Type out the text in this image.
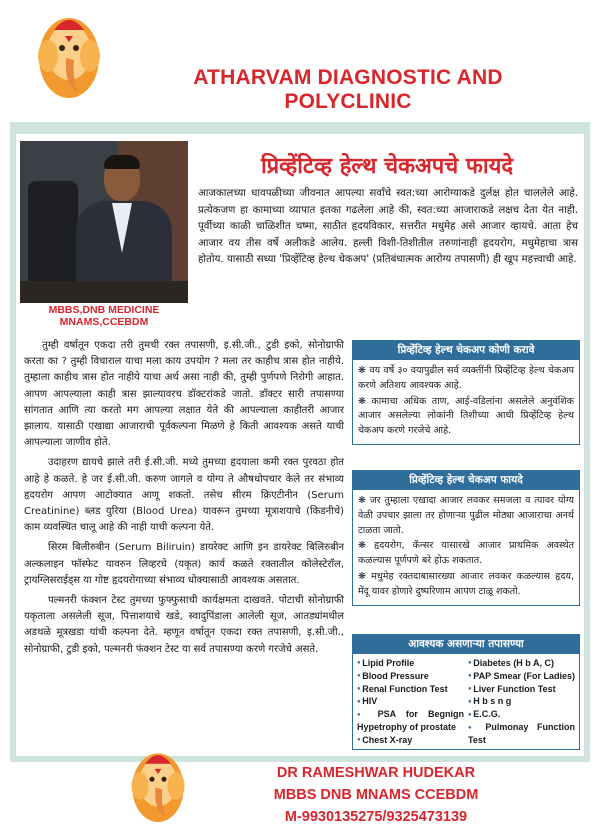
ATHARVAM DIAGNOSTIC AND POLYCLINIC
MBBS,DNB MEDICINE
MNAMS,CCEBDM
प्रिव्हेंटिव्ह हेल्थ चेकअपचे फायदे
आजकालच्या धावपळीच्या जीवनात आपल्या सर्वांचे स्वत:च्या आरोग्याकडे दुर्लक्ष होत चाललेले आहे. प्रत्येकजण हा कामाच्या व्यापात इतका गढलेला आहे की, स्वत:च्या आजाराकडे लक्षच देता येत नाही. पूर्वीच्या काळी चाळिशीत चष्मा, साठीत हृदयविकार, सत्तरीत मधुमेह असे आजार व्हायचे. आता हेच आजार वय तीस वर्षे अलीकडे आलेय. हल्ली विशी-तिशीतील तरुणांनाही हृदयरोग, मधुमेहाचा त्रास होतोय. यासाठी सध्या 'प्रिव्हेंटिव्ह हेल्थ चेकअप' (प्रतिबंधात्मक आरोग्य तपासणी) ही खूप महत्त्वाची आहे.

तुम्ही वर्षातून एकदा तरी तुमची रक्त तपासणी, इ.सी.जी., टुडी इको, सोनोग्राफी करता का ? तुम्ही विचाराल याचा मला काय उपयोग ? मला तर काहीच त्रास होत नाहीये. तुम्हाला काहीच त्रास होत नाहीये याचा अर्थ असा नाही की, तुम्ही पुर्णपणे निरोगी आहात. आपण आपल्याला काही त्रास झाल्यावरच डॉक्टरांकडे जातो. डॉक्टर सारी तपासण्या सांगतात आणि त्या करतो मग आपल्या लक्षात येते की आपल्याला काहीतरी आजार झालाय. यासाठी एखाद्या आजाराची पूर्वकल्पना मिळणे हे किती आवश्यक असते याची आपल्याला जाणीव होते.

उदाहरण द्यायचे झाले तरी ई.सी.जी. मध्ये तुमच्या हृदयाला कमी रक्त पुरवठा होत आहे हे कळते. हे जर ई.सी.जी. करुण जागले व योग्य ते औषधोपचार केले तर संभाव्य हृदयरोग आपण आटोक्यात आणू शकतो. तसेच सीरम क्रिएटीनीन (Serum Creatinine) ब्लड युरिया (Blood Urea) यावरून तुमच्या मूत्राशयाचे (किडनीचे) काम व्यवस्थित चालू आहे की नाही याची कल्पना येते.

सिरम बिलीरुबीन (Serum Biliruin) डायरेक्ट आणि इन डायरेक्ट बिलिरुबीन अल्कलाइन फॉस्फेट यावरुन लिव्हरचे (यकृत) कार्य कळते रक्तातील कोलेस्टेरॉल, ट्रायग्लिसराईड्स या गोष्ट हृदयरोगाच्या संभाव्य धोक्यासाठी आवश्यक असतात.

पल्मनरी फंक्शन टेस्ट तुमच्या फुफ्फुसाची कार्यक्षमता दाखवते. पोटाची सोनोग्राफी यकृताला असलेली सूज, पित्ताशयाचे खडे, स्वादुपिंडाला आलेली सूज, आतड्यांमधील अडथळे मूत्रखडा यांची कल्पना देते. म्हणून वर्षातून एकदा रक्त तपासणी, इ.सी.जी., सोनोग्राफी, टुडी इको, पल्मनरी फंक्शन टेस्ट या सर्व तपासण्या करणे गरजेचे असते.

प्रिव्हेंटिव्ह हेल्थ चेकअप कोणी करावे
❋ वय वर्षे ३० वयापुढील सर्व व्यक्तींनी प्रिव्हेंटिव्ह हेल्थ चेकअप करणे अतिशय आवश्यक आहे.
❋ कामाचा अधिक ताण, आई-वडिलांना असलेले अनुवंशिक आजार असलेल्या लोकांनी तिशीच्या आधी प्रिव्हेंटिव्ह हेल्थ चेकअप करणे गरजेचे आहे.
प्रिव्हेंटिव्ह हेल्थ चेकअप फायदे
❋ जर तुम्हाला एखादा आजार लवकर समजला व त्यावर योग्य वेळी उपचार झाला तर होणाऱ्या पुढील मोठ्या आजाराचा अनर्थ टाळता जातो.
❋ हृदयरोग, कॅन्सर यासारखे आजार प्राथमिक अवस्थेत कळल्यास पूर्णपणे बरे होऊ शकतात.
❋ मधुमेह रक्तदाबासारख्या आजार लवकर कळल्यास हृदय, मेंदू यावर होणारे दुष्परिणाम आपण टाळू शकतो.
आवश्यक असणाऱ्या तपासण्या
● Lipid Profile
● Blood Pressure
● Renal Function Test
● HIV
● PSA for Begnign Hypetrophy of prostate
● Chest X-ray
● Diabetes (H b A, C)
● PAP Smear (For Ladies)
● Liver Function Test
● H b s n g
● E.C.G.
● Pulmonay Function Test
DR RAMESHWAR HUDEKAR
MBBS DNB MNAMS CCEBDM
M-9930135275/9325473139
